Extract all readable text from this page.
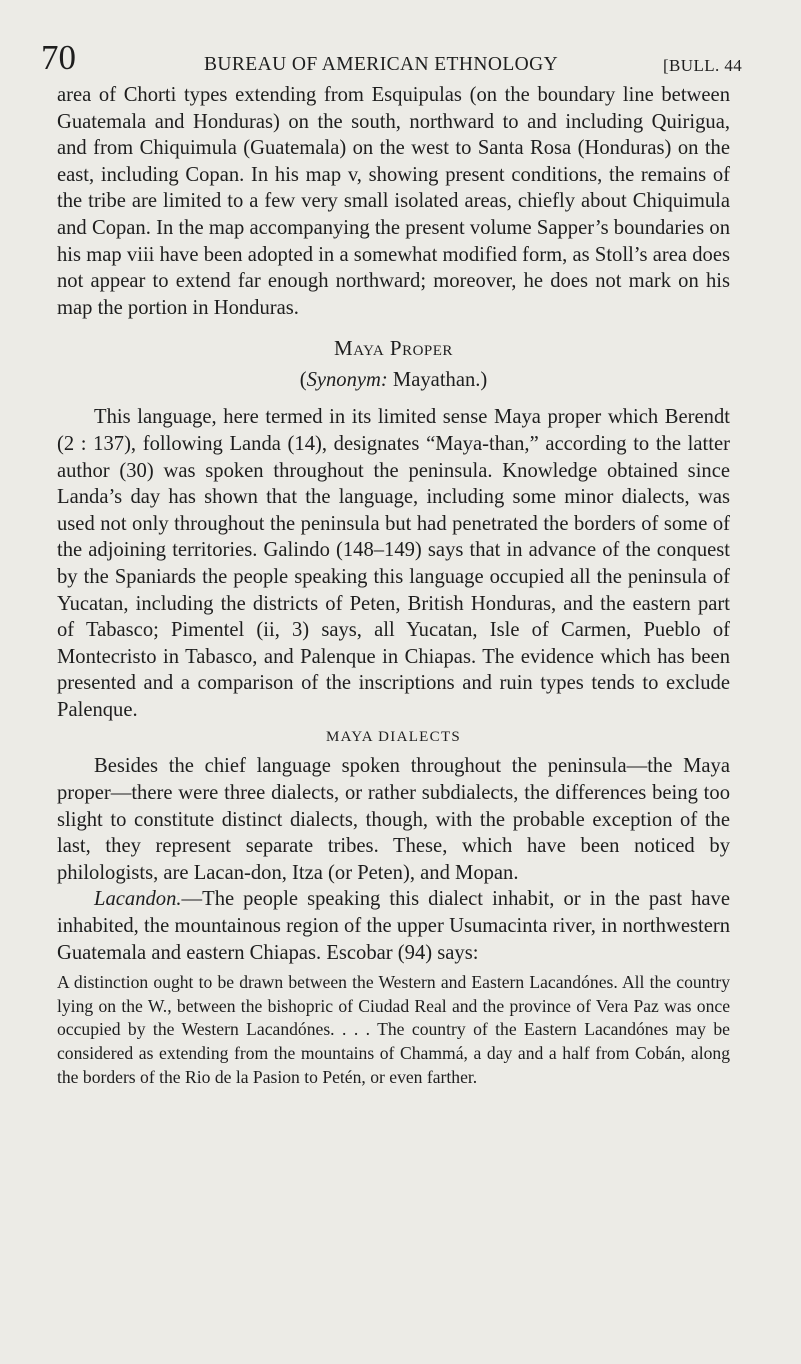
70	BUREAU OF AMERICAN ETHNOLOGY	[BULL. 44

area of Chorti types extending from Esquipulas (on the boundary line between Guatemala and Honduras) on the south, northward to and including Quirigua, and from Chiquimula (Guatemala) on the west to Santa Rosa (Honduras) on the east, including Copan. In his map v, showing present conditions, the remains of the tribe are limited to a few very small isolated areas, chiefly about Chiquimula and Copan. In the map accompanying the present volume Sapper’s boundaries on his map viii have been adopted in a somewhat modified form, as Stoll’s area does not appear to extend far enough northward; moreover, he does not mark on his map the portion in Honduras.

Maya Proper
(Synonym: Mayathan.)

This language, here termed in its limited sense Maya proper which Berendt (2 : 137), following Landa (14), designates “Maya-than,” according to the latter author (30) was spoken throughout the peninsula. Knowledge obtained since Landa’s day has shown that the language, including some minor dialects, was used not only throughout the peninsula but had penetrated the borders of some of the adjoining territories. Galindo (148–149) says that in advance of the conquest by the Spaniards the people speaking this language occupied all the peninsula of Yucatan, including the districts of Peten, British Honduras, and the eastern part of Tabasco; Pimentel (ii, 3) says, all Yucatan, Isle of Carmen, Pueblo of Montecristo in Tabasco, and Palenque in Chiapas. The evidence which has been presented and a comparison of the inscriptions and ruin types tends to exclude Palenque.

MAYA DIALECTS

Besides the chief language spoken throughout the peninsula—the Maya proper—there were three dialects, or rather subdialects, the differences being too slight to constitute distinct dialects, though, with the probable exception of the last, they represent separate tribes. These, which have been noticed by philologists, are Lacan-don, Itza (or Peten), and Mopan.

Lacandon.—The people speaking this dialect inhabit, or in the past have inhabited, the mountainous region of the upper Usumacinta river, in northwestern Guatemala and eastern Chiapas. Escobar (94) says:

A distinction ought to be drawn between the Western and Eastern Lacandónes. All the country lying on the W., between the bishopric of Ciudad Real and the province of Vera Paz was once occupied by the Western Lacandónes. . . . The country of the Eastern Lacandónes may be considered as extending from the mountains of Chammá, a day and a half from Cobán, along the borders of the Rio de la Pasion to Petén, or even farther.
